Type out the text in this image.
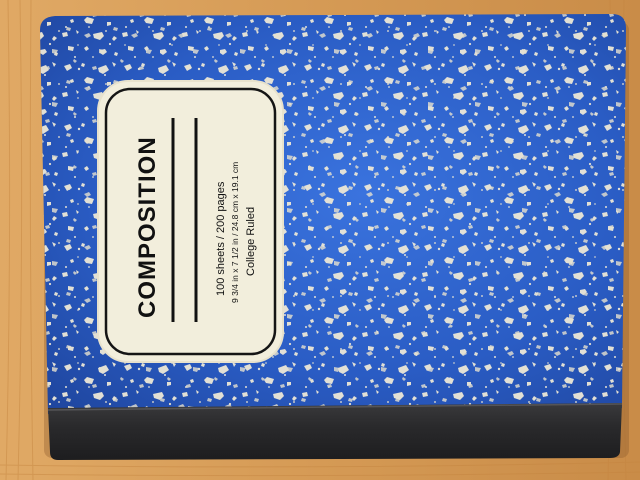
COMPOSITION	100 sheets / 200 pages 9 3/4 in x 7 1/2 in / 24.8 cm x 19.1 cm College Ruled
